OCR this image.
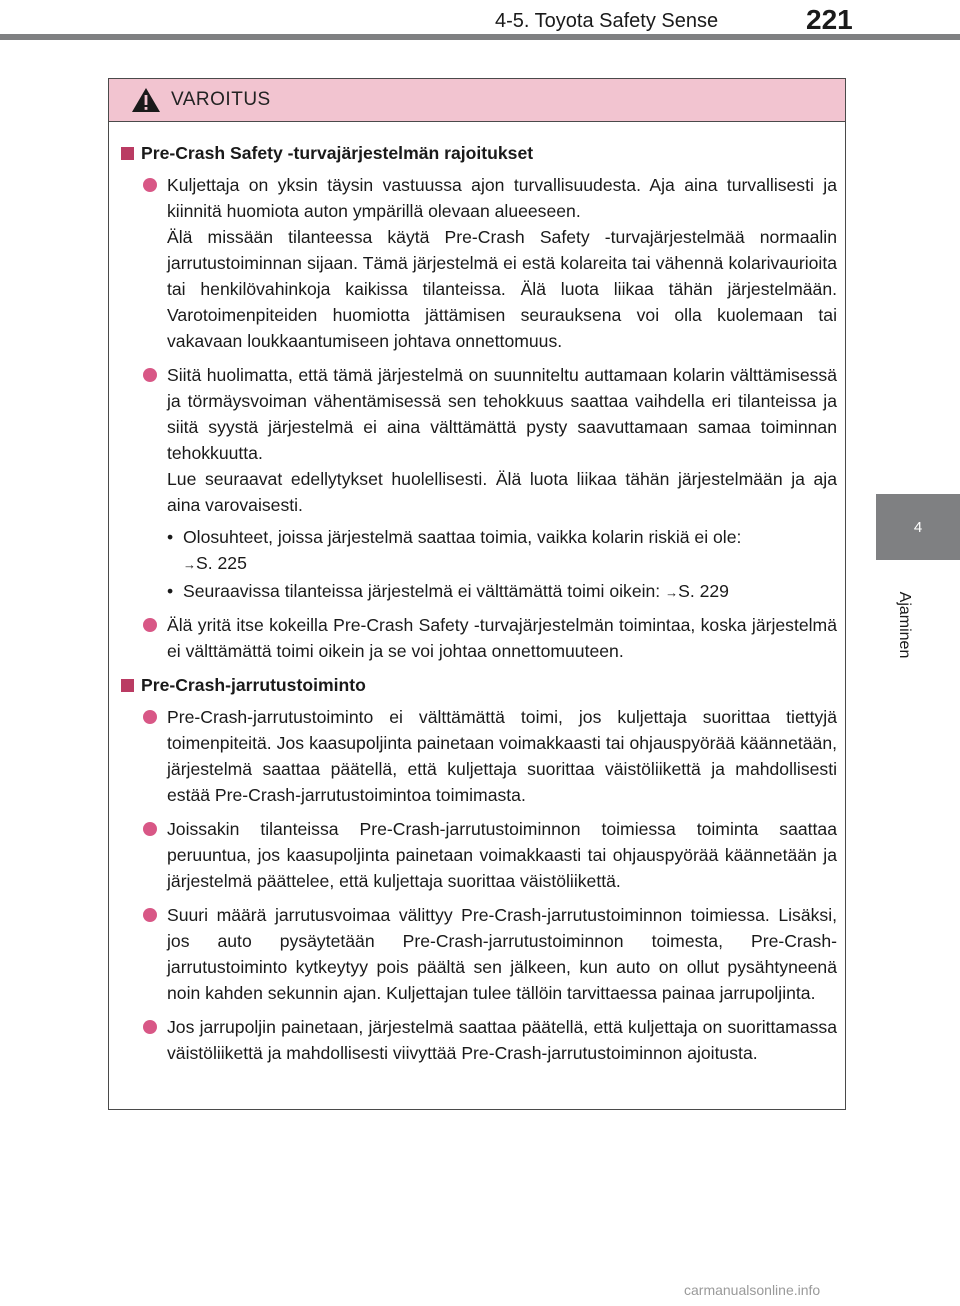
4-5. Toyota Safety Sense	221
4
Ajaminen
VAROITUS
Pre-Crash Safety -turvajärjestelmän rajoitukset
Kuljettaja on yksin täysin vastuussa ajon turvallisuudesta. Aja aina turvallisesti ja kiinnitä huomiota auton ympärillä olevaan alueeseen.
Älä missään tilanteessa käytä Pre-Crash Safety -turvajärjestelmää normaalin jarrutustoiminnan sijaan. Tämä järjestelmä ei estä kolareita tai vähennä kolarivaurioita tai henkilövahinkoja kaikissa tilanteissa. Älä luota liikaa tähän järjestelmään. Varotoimenpiteiden huomiotta jättämisen seurauksena voi olla kuolemaan tai vakavaan loukkaantumiseen johtava onnettomuus.
Siitä huolimatta, että tämä järjestelmä on suunniteltu auttamaan kolarin välttämisessä ja törmäysvoiman vähentämisessä sen tehokkuus saattaa vaihdella eri tilanteissa ja siitä syystä järjestelmä ei aina välttämättä pysty saavuttamaan samaa toiminnan tehokkuutta.
Lue seuraavat edellytykset huolellisesti. Älä luota liikaa tähän järjestelmään ja aja aina varovaisesti.
• Olosuhteet, joissa järjestelmä saattaa toimia, vaikka kolarin riskiä ei ole:
→S. 225
• Seuraavissa tilanteissa järjestelmä ei välttämättä toimi oikein: →S. 229
Älä yritä itse kokeilla Pre-Crash Safety -turvajärjestelmän toimintaa, koska järjestelmä ei välttämättä toimi oikein ja se voi johtaa onnettomuuteen.
Pre-Crash-jarrutustoiminto
Pre-Crash-jarrutustoiminto ei välttämättä toimi, jos kuljettaja suorittaa tiettyjä toimenpiteitä. Jos kaasupoljinta painetaan voimakkaasti tai ohjauspyörää käännetään, järjestelmä saattaa päätellä, että kuljettaja suorittaa väistöliikettä ja mahdollisesti estää Pre-Crash-jarrutustoimintoa toimimasta.
Joissakin tilanteissa Pre-Crash-jarrutustoiminnon toimiessa toiminta saattaa peruuntua, jos kaasupoljinta painetaan voimakkaasti tai ohjauspyörää käännetään ja järjestelmä päättelee, että kuljettaja suorittaa väistöliikettä.
Suuri määrä jarrutusvoimaa välittyy Pre-Crash-jarrutustoiminnon toimiessa. Lisäksi, jos auto pysäytetään Pre-Crash-jarrutustoiminnon toimesta, Pre-Crash-jarrutustoiminto kytkeytyy pois päältä sen jälkeen, kun auto on ollut pysähtyneenä noin kahden sekunnin ajan. Kuljettajan tulee tällöin tarvittaessa painaa jarrupoljinta.
Jos jarrupoljin painetaan, järjestelmä saattaa päätellä, että kuljettaja on suorittamassa väistöliikettä ja mahdollisesti viivyttää Pre-Crash-jarrutustoiminnon ajoitusta.
carmanualsonline.info
